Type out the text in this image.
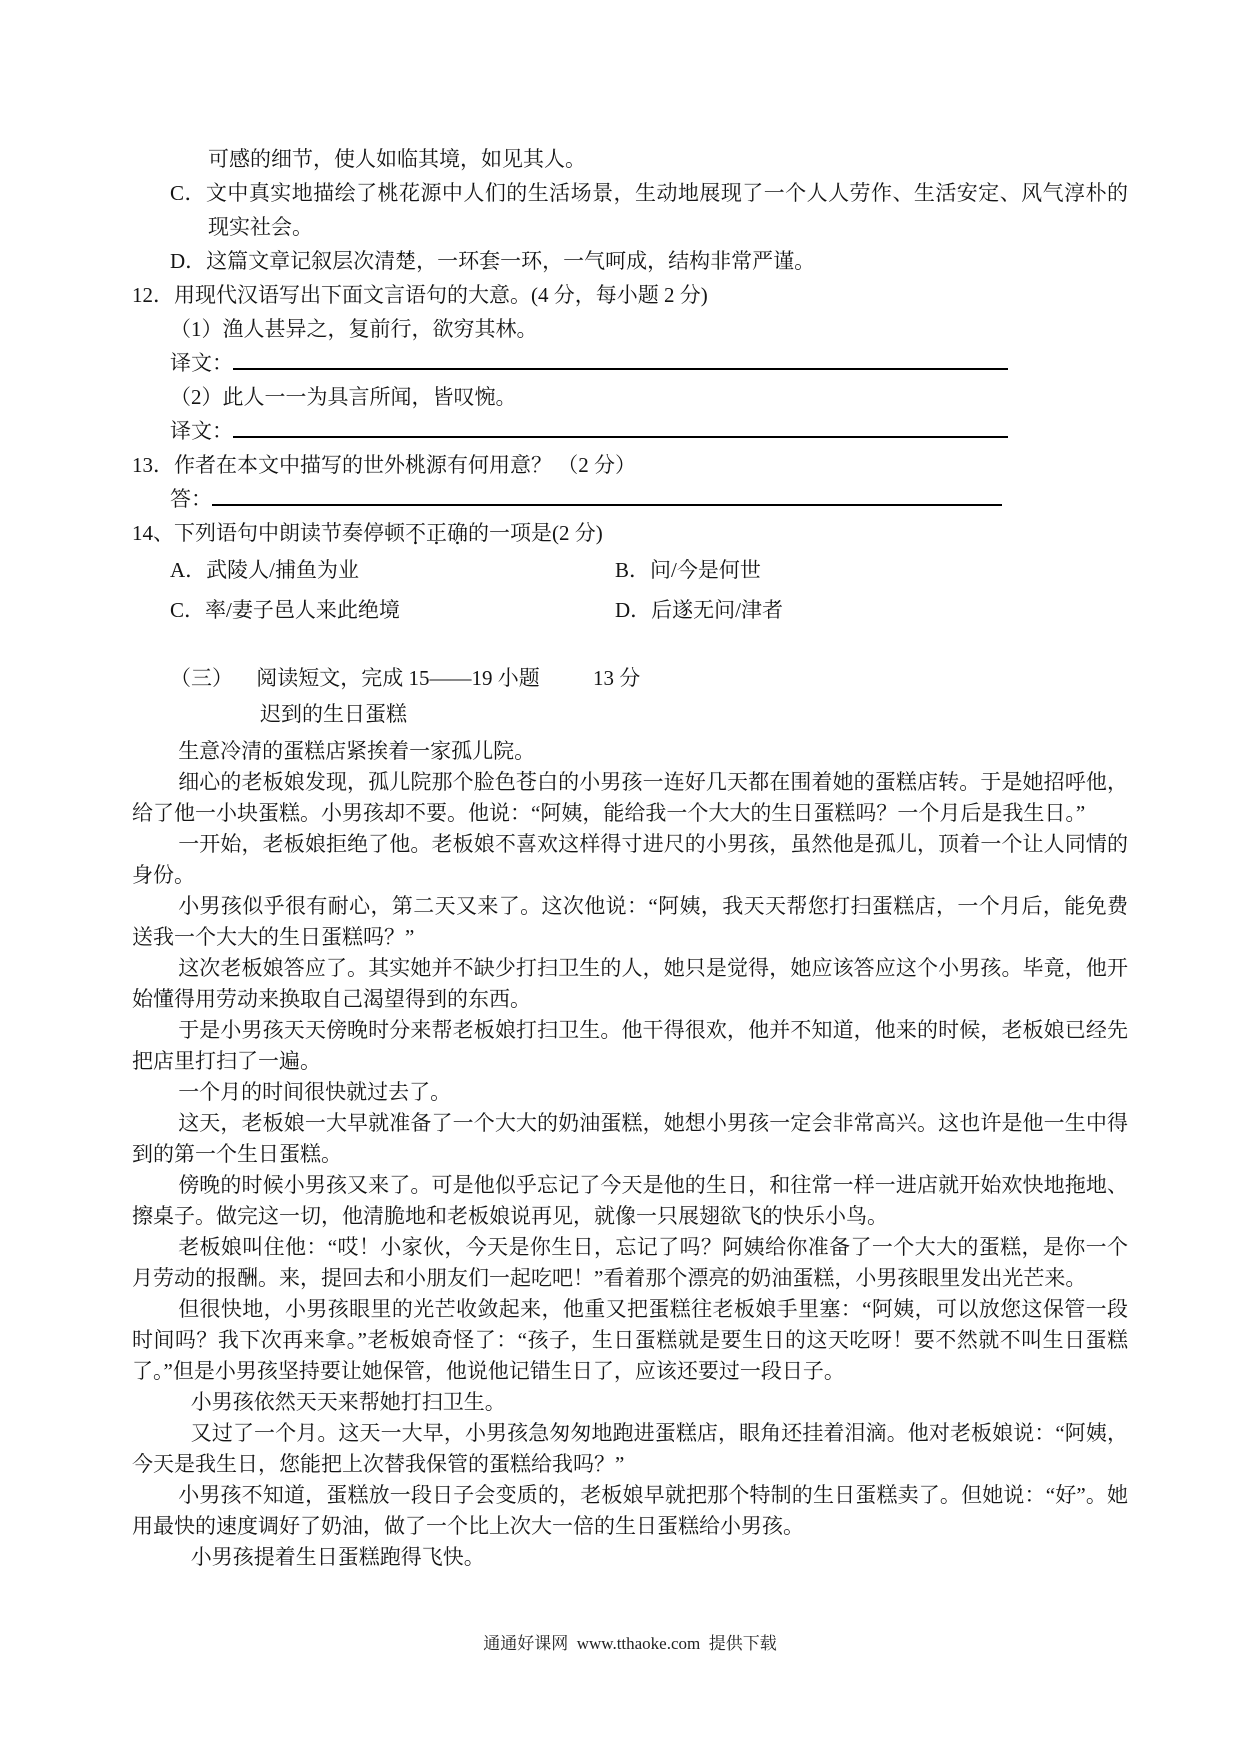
可感的细节，使人如临其境，如见其人。
C．文中真实地描绘了桃花源中人们的生活场景，生动地展现了一个人人劳作、生活安定、风气淳朴的现实社会。
D．这篇文章记叙层次清楚，一环套一环，一气呵成，结构非常严谨。
12．用现代汉语写出下面文言语句的大意。(4 分，每小题 2 分)
（1）渔人甚异之，复前行，欲穷其林。
译文：
（2）此人一一为具言所闻，皆叹惋。
译文：
13．作者在本文中描写的世外桃源有何用意？ （2 分）
答：
14、下列语句中朗读节奏停顿不正确的一项是(2 分)
A．武陵人/捕鱼为业	B．问/今是何世
C．率/妻子邑人来此绝境	D．后遂无问/津者
（三） 阅读短文，完成 15——19 小题	13 分
迟到的生日蛋糕

生意冷清的蛋糕店紧挨着一家孤儿院。

细心的老板娘发现，孤儿院那个脸色苍白的小男孩一连好几天都在围着她的蛋糕店转。于是她招呼他，给了他一小块蛋糕。小男孩却不要。他说：“阿姨，能给我一个大大的生日蛋糕吗？一个月后是我生日。”

一开始，老板娘拒绝了他。老板娘不喜欢这样得寸进尺的小男孩，虽然他是孤儿，顶着一个让人同情的身份。

小男孩似乎很有耐心，第二天又来了。这次他说：“阿姨，我天天帮您打扫蛋糕店，一个月后，能免费送我一个大大的生日蛋糕吗？”

这次老板娘答应了。其实她并不缺少打扫卫生的人，她只是觉得，她应该答应这个小男孩。毕竟，他开始懂得用劳动来换取自己渴望得到的东西。

于是小男孩天天傍晚时分来帮老板娘打扫卫生。他干得很欢，他并不知道，他来的时候，老板娘已经先把店里打扫了一遍。

一个月的时间很快就过去了。

这天，老板娘一大早就准备了一个大大的奶油蛋糕，她想小男孩一定会非常高兴。这也许是他一生中得到的第一个生日蛋糕。

傍晚的时候小男孩又来了。可是他似乎忘记了今天是他的生日，和往常一样一进店就开始欢快地拖地、擦桌子。做完这一切，他清脆地和老板娘说再见，就像一只展翅欲飞的快乐小鸟。

老板娘叫住他：“哎！小家伙，今天是你生日，忘记了吗？阿姨给你准备了一个大大的蛋糕，是你一个月劳动的报酬。来，提回去和小朋友们一起吃吧！”看着那个漂亮的奶油蛋糕，小男孩眼里发出光芒来。

但很快地，小男孩眼里的光芒收敛起来，他重又把蛋糕往老板娘手里塞：“阿姨，可以放您这保管一段时间吗？我下次再来拿。”老板娘奇怪了：“孩子，生日蛋糕就是要生日的这天吃呀！要不然就不叫生日蛋糕了。”但是小男孩坚持要让她保管，他说他记错生日了，应该还要过一段日子。

小男孩依然天天来帮她打扫卫生。

又过了一个月。这天一大早，小男孩急匆匆地跑进蛋糕店，眼角还挂着泪滴。他对老板娘说：“阿姨，今天是我生日，您能把上次替我保管的蛋糕给我吗？”

小男孩不知道，蛋糕放一段日子会变质的，老板娘早就把那个特制的生日蛋糕卖了。但她说：“好”。她用最快的速度调好了奶油，做了一个比上次大一倍的生日蛋糕给小男孩。

小男孩提着生日蛋糕跑得飞快。

通通好课网  www.tthaoke.com  提供下载
